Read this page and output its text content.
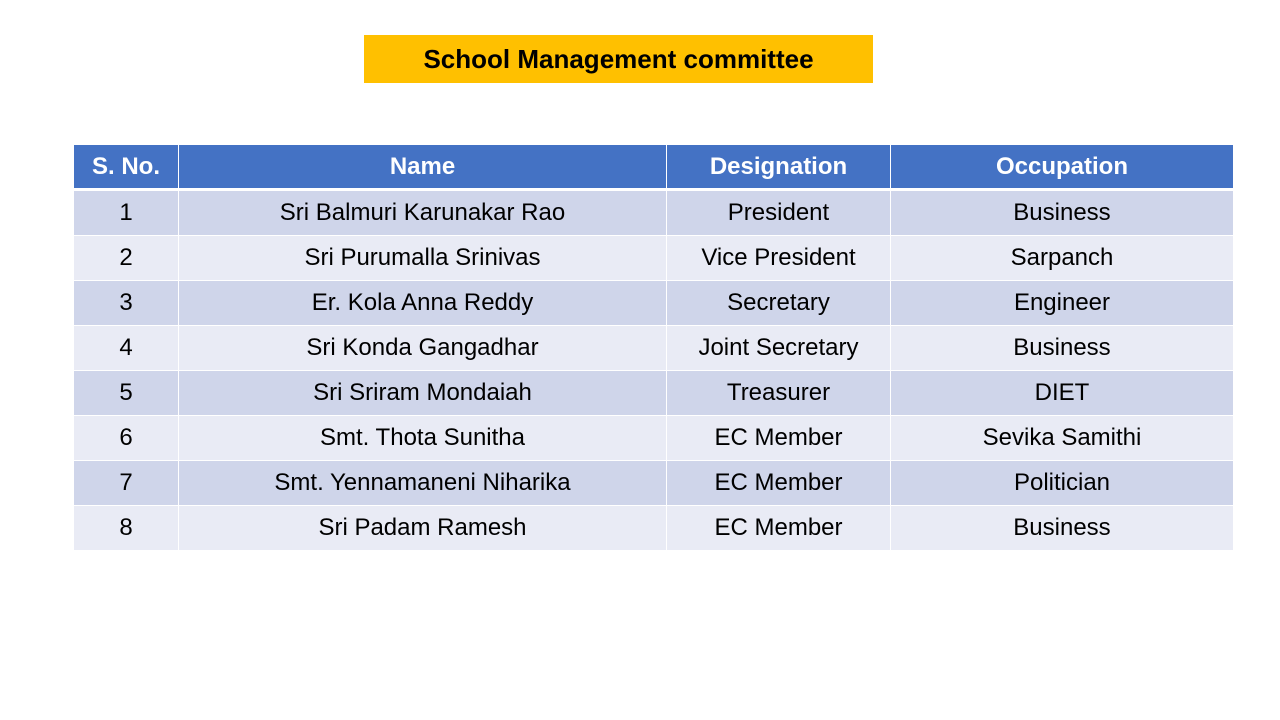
School Management committee
S. No.	Name	Designation	Occupation
1	Sri Balmuri Karunakar Rao	President	Business
2	Sri Purumalla Srinivas	Vice President	Sarpanch
3	Er. Kola Anna Reddy	Secretary	Engineer
4	Sri Konda Gangadhar	Joint Secretary	Business
5	Sri Sriram Mondaiah	Treasurer	DIET
6	Smt. Thota Sunitha	EC Member	Sevika Samithi
7	Smt. Yennamaneni Niharika	EC Member	Politician
8	Sri Padam Ramesh	EC Member	Business
